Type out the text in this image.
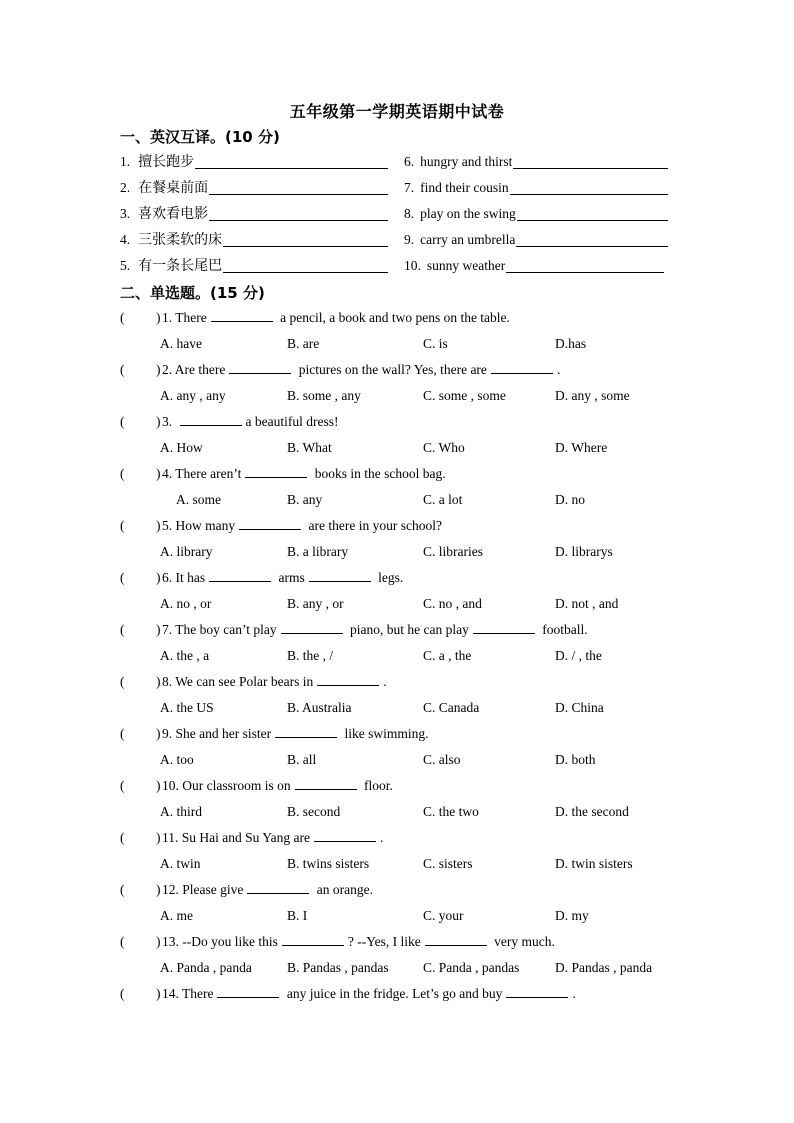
五年级第一学期英语期中试卷
一、英汉互译。(10 分)
1. 擅长跑步
2. 在餐桌前面
3. 喜欢看电影
4. 三张柔软的床
5. 有一条长尾巴
6. hungry and thirst
7. find their cousin
8. play on the swing
9. carry an umbrella
10. sunny weather
二、单选题。(15 分)
( ) 1. There	a pencil, a book and two pens on the table.
A. have	B. are	C. is	D.has
( ) 2. Are there	pictures on the wall? Yes, there are	.
A. any , any	B. some , any	C. some , some	D. any , some
( ) 3.	a beautiful dress!
A. How	B. What	C. Who	D. Where
( ) 4. There aren’t	books in the school bag.
A. some	B. any	C. a lot	D. no
( ) 5. How many	are there in your school?
A. library	B. a library	C. libraries	D. librarys
( ) 6. It has	arms	legs.
A. no , or	B. any , or	C. no , and	D. not , and
( ) 7. The boy can’t play	piano, but he can play	football.
A. the , a	B. the , /	C. a , the	D. / , the
( ) 8. We can see Polar bears in	.
A. the US	B. Australia	C. Canada	D. China
( ) 9. She and her sister	like swimming.
A. too	B. all	C. also	D. both
( ) 10. Our classroom is on	floor.
A. third	B. second	C. the two	D. the second
( ) 11. Su Hai and Su Yang are	.
A. twin	B. twins sisters	C. sisters	D. twin sisters
( ) 12. Please give	an orange.
A. me	B. I	C. your	D. my
( ) 13. --Do you like this	? --Yes, I like	very much.
A. Panda , panda	B. Pandas , pandas	C. Panda , pandas	D. Pandas , panda
( ) 14. There	any juice in the fridge. Let’s go and buy	.
